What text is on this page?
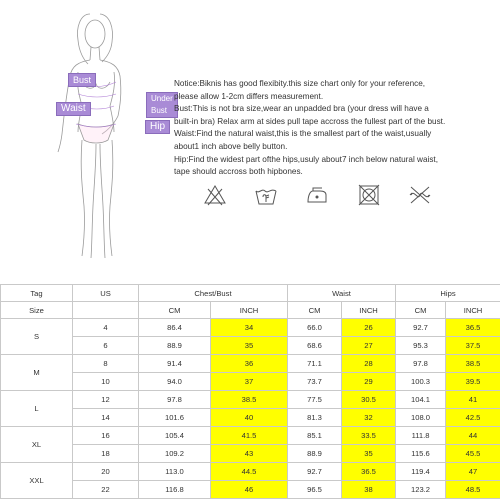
Bust
Under Bust
Waist
Hip

Notice:Biknis has good flexibity.this size chart only for your reference,

please allow 1-2cm differs measurement.

Bust:This is not bra size,wear an unpadded bra (your dress will have a

built-in bra) Relax arm at sides pull tape accross the fullest part of the bust.

Waist:Find the natural waist,this is the smallest part of the waist,usually

about1 inch above belly button.

Hip:Find the widest part ofthe hips,usuly about7 inch below natural waist,

tape should accross both hipbones.

Tag	US	Chest/Bust		Waist		Hips	
Size		CM	INCH	CM	INCH	CM	INCH
S	4	86.4	34	66.0	26	92.7	36.5
	6	88.9	35	68.6	27	95.3	37.5
M	8	91.4	36	71.1	28	97.8	38.5
	10	94.0	37	73.7	29	100.3	39.5
L	12	97.8	38.5	77.5	30.5	104.1	41
	14	101.6	40	81.3	32	108.0	42.5
XL	16	105.4	41.5	85.1	33.5	111.8	44
	18	109.2	43	88.9	35	115.6	45.5
XXL	20	113.0	44.5	92.7	36.5	119.4	47
	22	116.8	46	96.5	38	123.2	48.5
